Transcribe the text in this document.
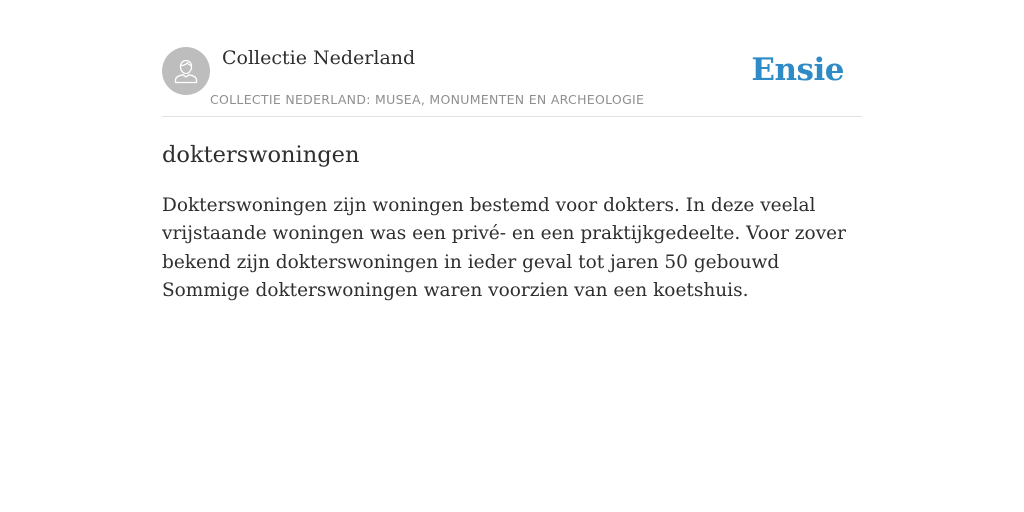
Collectie Nederland
COLLECTIE NEDERLAND: MUSEA, MONUMENTEN EN ARCHEOLOGIE
Ensie
dokterswoningen

Dokterswoningen zijn woningen bestemd voor dokters. In deze veelal vrijstaande woningen was een privé- en een praktijkgedeelte. Voor zover bekend zijn dokterswoningen in ieder geval tot jaren 50 gebouwd Sommige dokterswoningen waren voorzien van een koetshuis.
